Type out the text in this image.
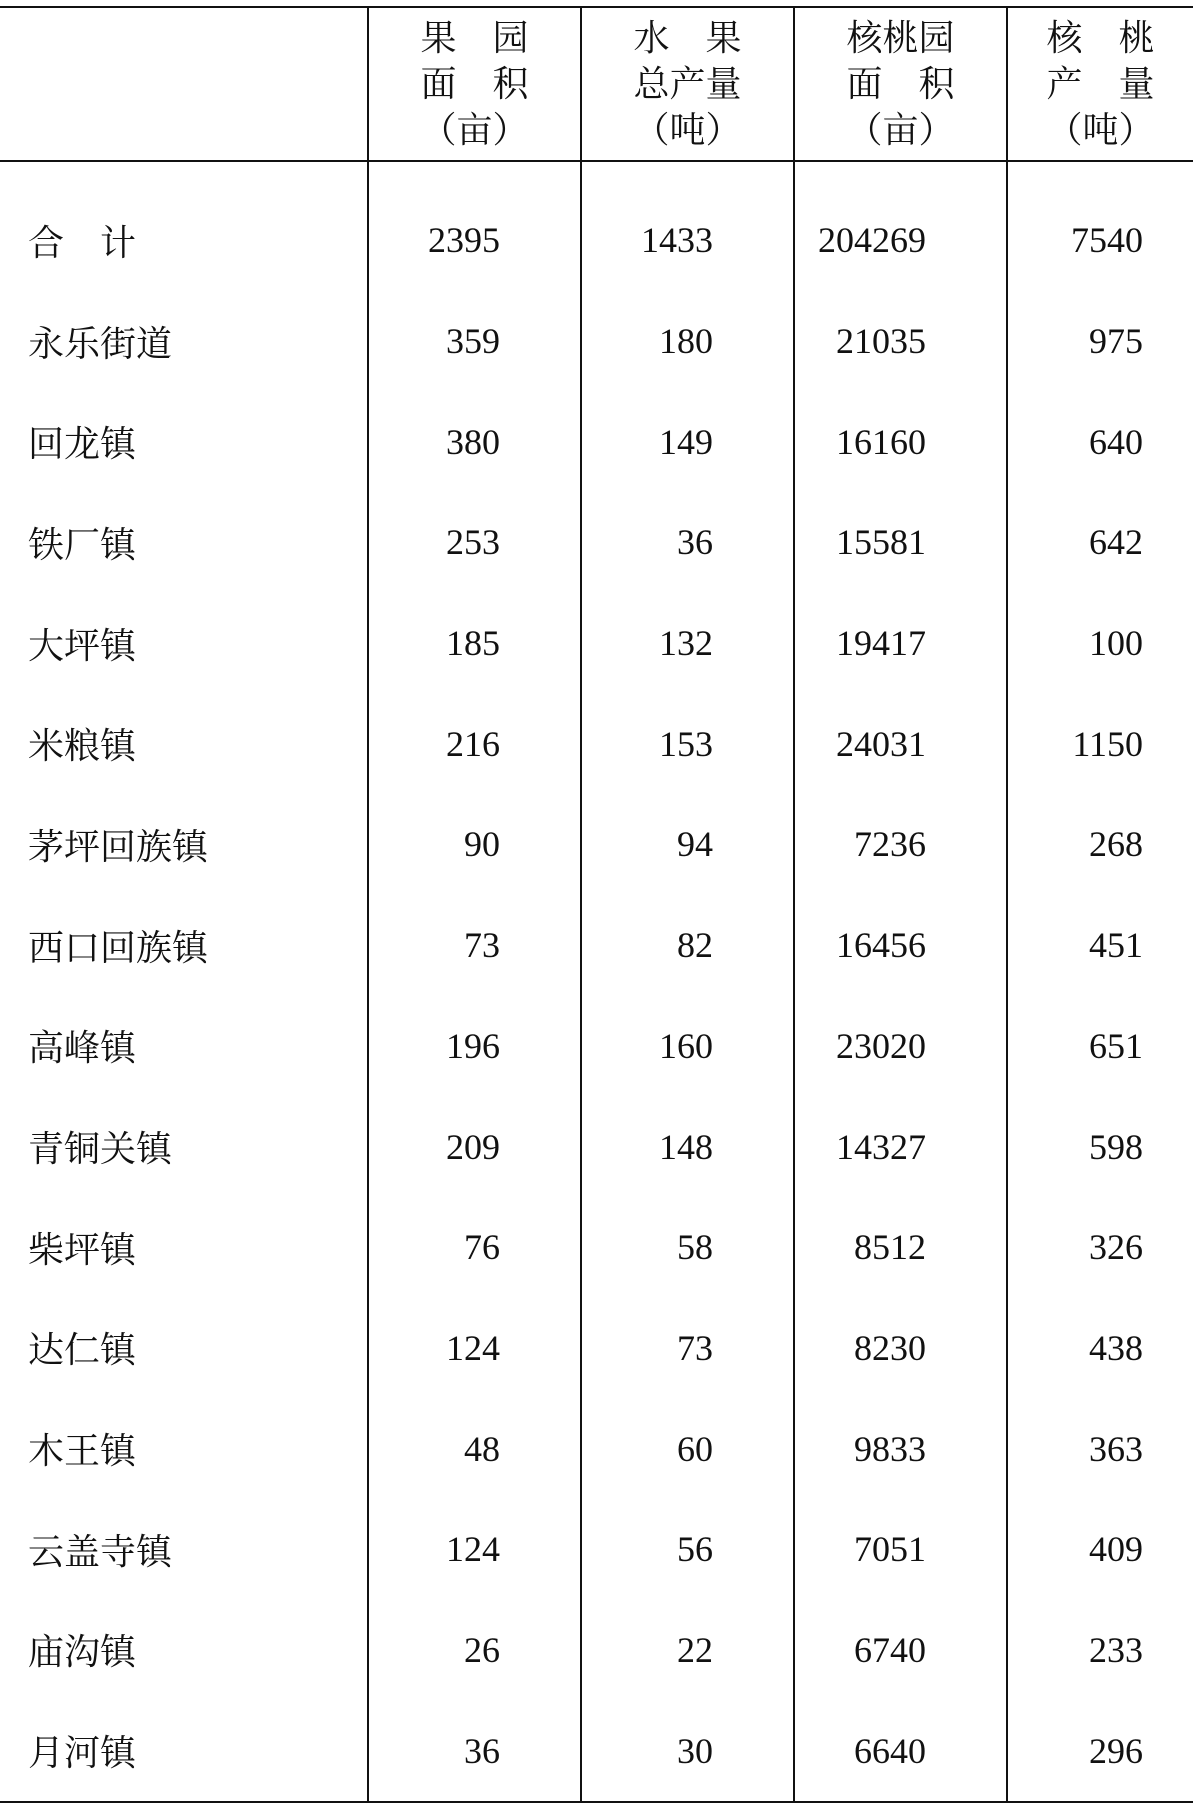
	果　园
面　积
（亩）	水　果
总产量
（吨）	核桃园
面　积
（亩）	核　桃
产　量
（吨）

合　计	2395	1433	204269	7540
永乐街道	359	180	21035	975
回龙镇	380	149	16160	640
铁厂镇	253	36	15581	642
大坪镇	185	132	19417	100
米粮镇	216	153	24031	1150
茅坪回族镇	90	94	7236	268
西口回族镇	73	82	16456	451
高峰镇	196	160	23020	651
青铜关镇	209	148	14327	598
柴坪镇	76	58	8512	326
达仁镇	124	73	8230	438
木王镇	48	60	9833	363
云盖寺镇	124	56	7051	409
庙沟镇	26	22	6740	233
月河镇	36	30	6640	296
